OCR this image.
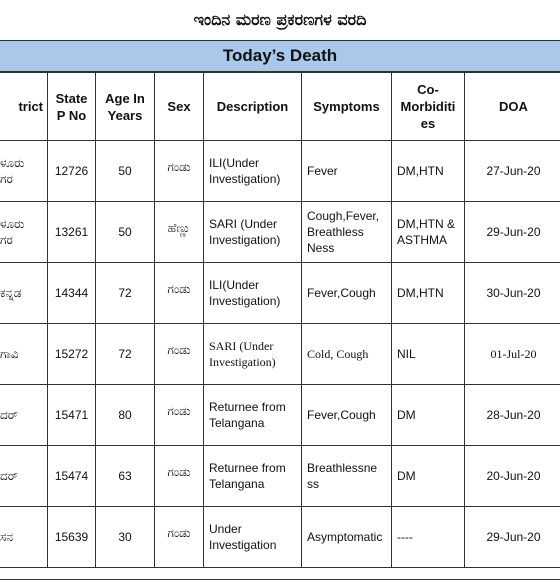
ಇಂದಿನ ಮರಣ ಪ್ರಕರಣಗಳ ವರದಿ
Today’s Death
trict	State P No	Age In Years	Sex	Description	Symptoms	Co-Morbiditi es	DOA

ಳೂರು
ಗರ	12726	50	ಗಂಡು	ILI(Under Investigation)	Fever	DM,HTN	27-Jun-20

ಳೂರು
ಗರ	13261	50	ಹೆಣ್ಣು	SARI (Under Investigation)	Cough,Fever, Breathless Ness	DM,HTN & ASTHMA	29-Jun-20

ಕನ್ನಡ	14344	72	ಗಂಡು	ILI(Under Investigation)	Fever,Cough	DM,HTN	30-Jun-20

ಗಾವಿ	15272	72	ಗಂಡು	SARI (Under Investigation)	Cold, Cough	NIL	01-Jul-20

ದರ್	15471	80	ಗಂಡು	Returnee from Telangana	Fever,Cough	DM	28-Jun-20

ದರ್	15474	63	ಗಂಡು	Returnee from Telangana	Breathlessne ss	DM	20-Jun-20

ಸನ	15639	30	ಗಂಡು	Under Investigation	Asymptomatic	----	29-Jun-20
